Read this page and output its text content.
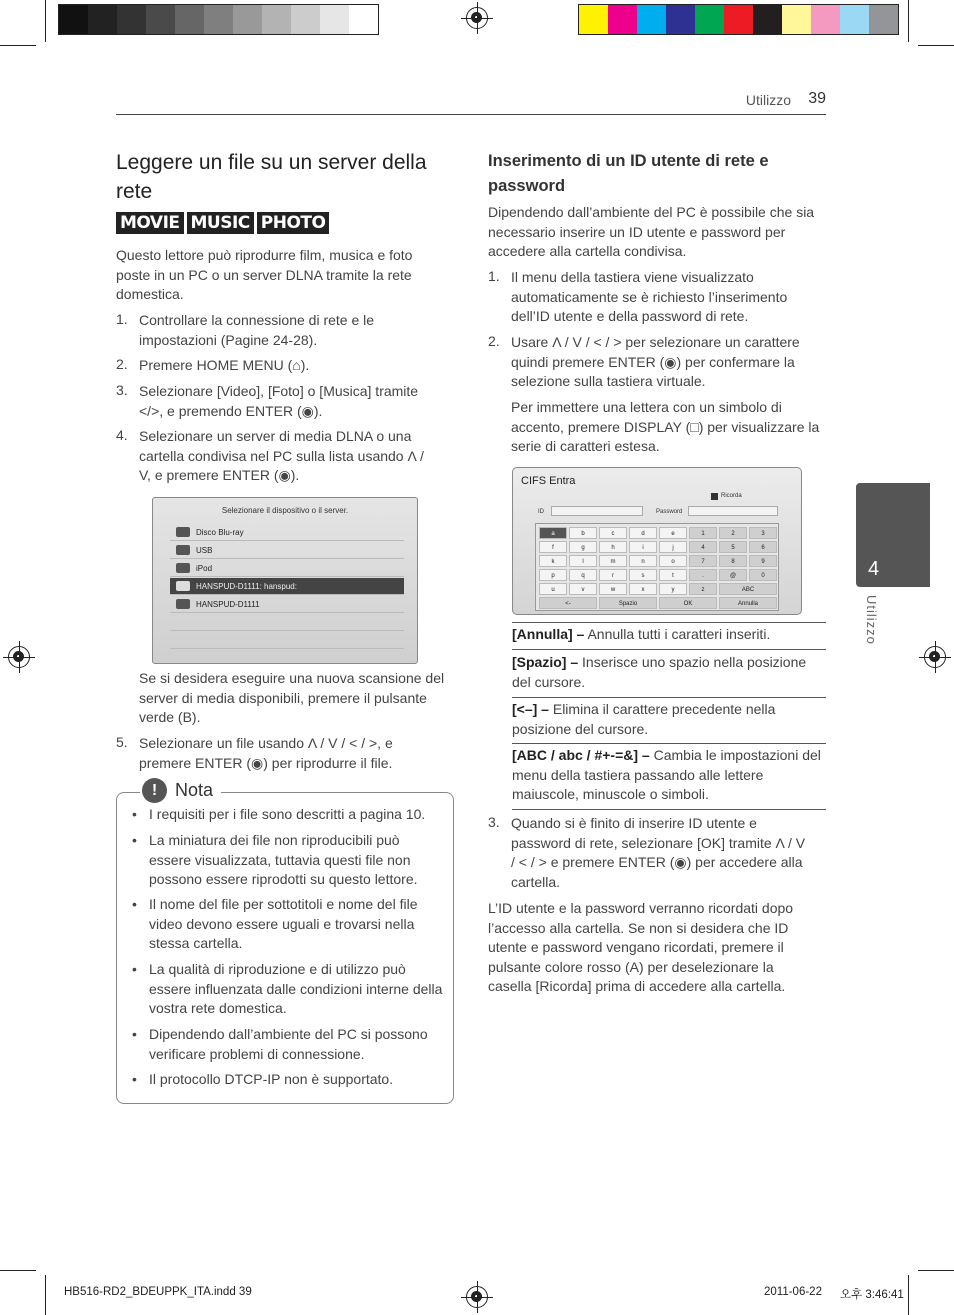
Utilizzo 39
4
Utilizzo
Leggere un file su un server della rete
MOVIE MUSIC PHOTO
Questo lettore può riprodurre film, musica e foto poste in un PC o un server DLNA tramite la rete domestica.
1. Controllare la connessione di rete e le impostazioni (Pagine 24-28).
2. Premere HOME MENU (⌂).
3. Selezionare [Video], [Foto] o [Musica] tramite </>, e premendo ENTER (◉).
4. Selezionare un server di media DLNA o una cartella condivisa nel PC sulla lista usando Λ / V, e premere ENTER (◉).
Selezionare il dispositivo o il server.
Disco Blu-ray
USB
iPod
HANSPUD-D1111: hanspud:
HANSPUD-D1111
Se si desidera eseguire una nuova scansione del server di media disponibili, premere il pulsante verde (B).
5. Selezionare un file usando Λ / V / < / >, e premere ENTER (◉) per riprodurre il file.
! Nota
• I requisiti per i file sono descritti a pagina 10.
• La miniatura dei file non riproducibili può essere visualizzata, tuttavia questi file non possono essere riprodotti su questo lettore.
• Il nome del file per sottotitoli e nome del file video devono essere uguali e trovarsi nella stessa cartella.
• La qualità di riproduzione e di utilizzo può essere influenzata dalle condizioni interne della vostra rete domestica.
• Dipendendo dall’ambiente del PC si possono verificare problemi di connessione.
• Il protocollo DTCP-IP non è supportato.
Inserimento di un ID utente di rete e password
Dipendendo dall’ambiente del PC è possibile che sia necessario inserire un ID utente e password per accedere alla cartella condivisa.
1. Il menu della tastiera viene visualizzato automaticamente se è richiesto l’inserimento dell’ID utente e della password di rete.
2. Usare Λ / V / < / > per selezionare un carattere quindi premere ENTER (◉) per confermare la selezione sulla tastiera virtuale.
Per immettere una lettera con un simbolo di accento, premere DISPLAY (□) per visualizzare la serie di caratteri estesa.
CIFS Entra
Ricorda
ID	Password
a	b	c	d	e	1	2	3
f	g	h	i	j	4	5	6
k	l	m	n	o	7	8	9
p	q	r	s	t	.	@	0
u	v	w	x	y	z	ABC
<-	Spazio	OK	Annulla
[Annulla] – Annulla tutti i caratteri inseriti.
[Spazio] – Inserisce uno spazio nella posizione del cursore.
[<–] – Elimina il carattere precedente nella posizione del cursore.
[ABC / abc / #+-=&] – Cambia le impostazioni del menu della tastiera passando alle lettere maiuscole, minuscole o simboli.
3. Quando si è finito di inserire ID utente e password di rete, selezionare [OK] tramite Λ / V / < / > e premere ENTER (◉) per accedere alla cartella.
L’ID utente e la password verranno ricordati dopo l’accesso alla cartella. Se non si desidera che ID utente e password vengano ricordati, premere il pulsante colore rosso (A) per deselezionare la casella [Ricorda] prima di accedere alla cartella.
HB516-RD2_BDEUPPK_ITA.indd 39	2011-06-22 오후 3:46:41
